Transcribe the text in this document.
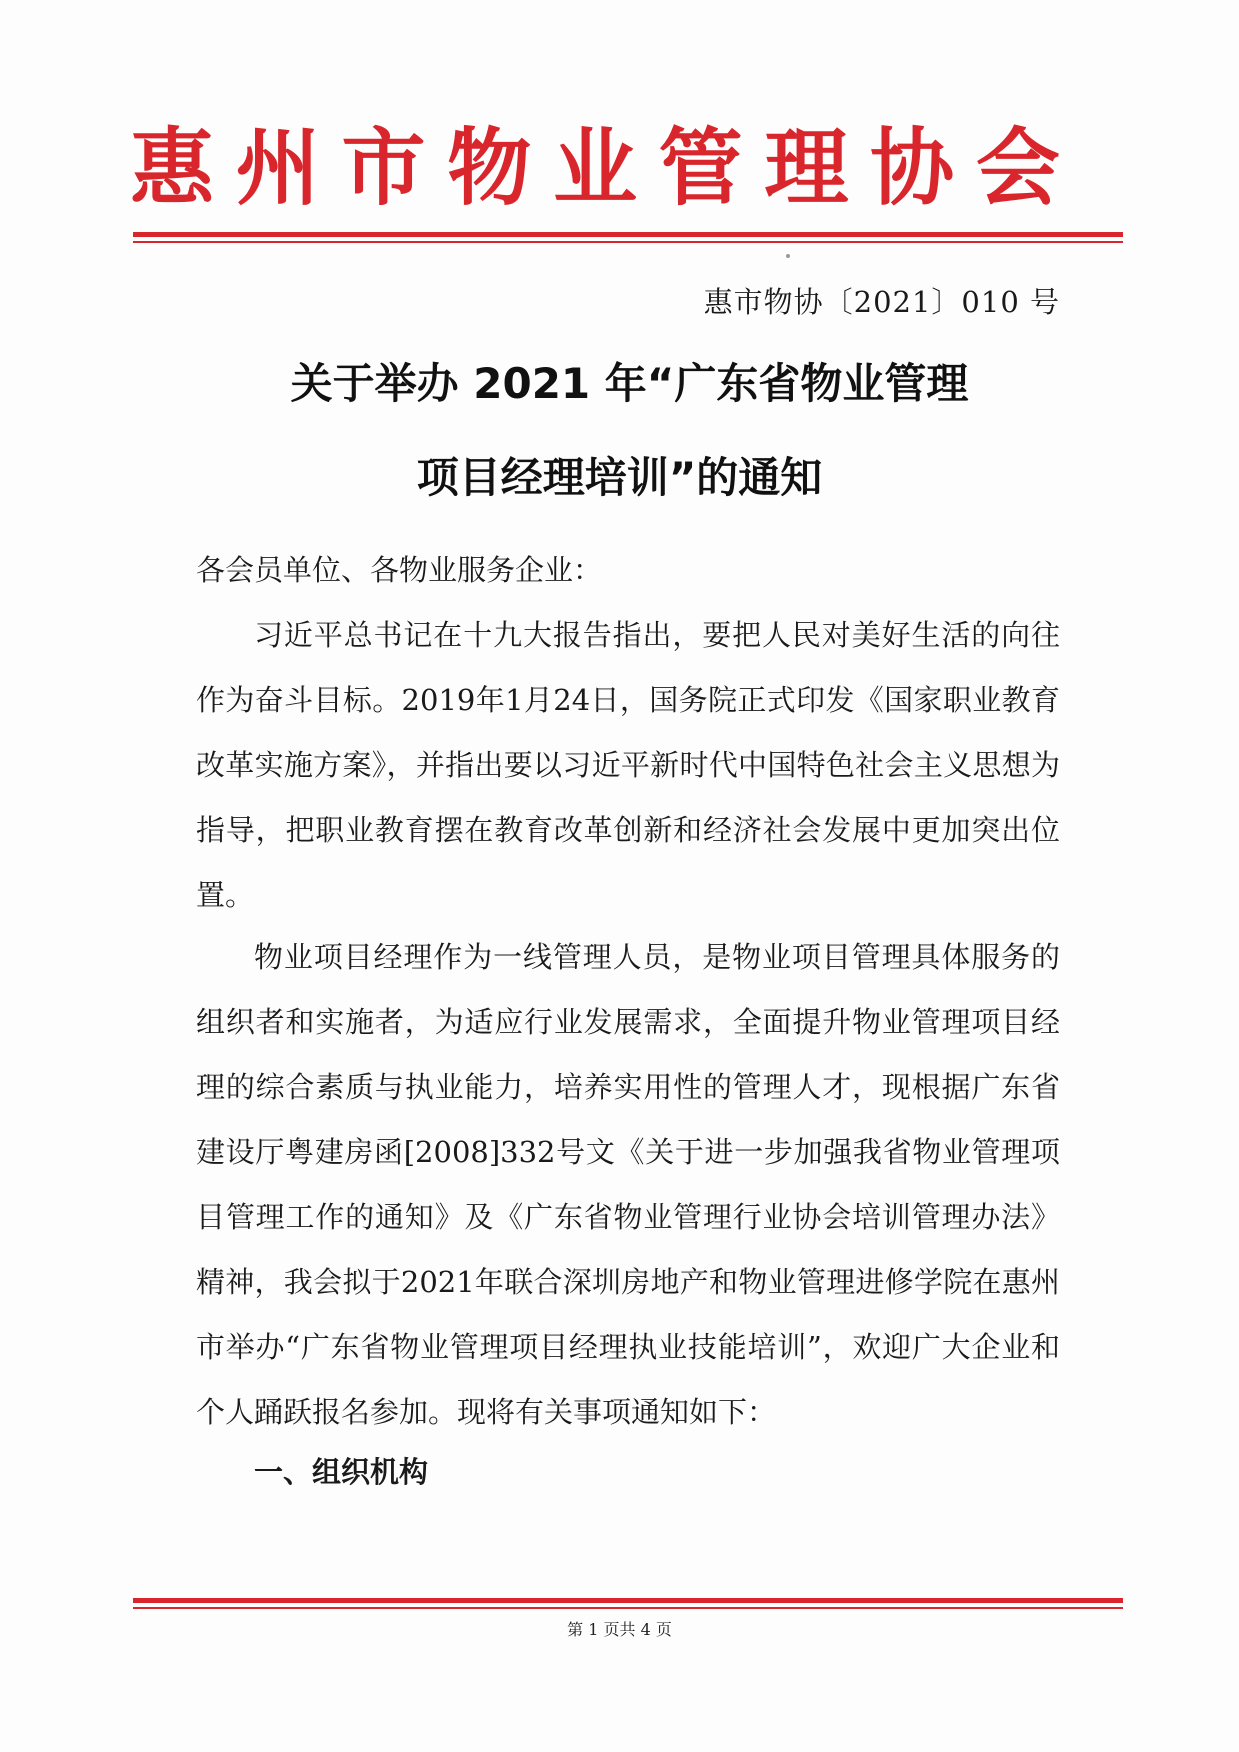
惠 州 市 物 业 管 理 协 会
惠市物协〔2021〕010 号
关于举办 2021 年“广东省物业管理
项目经理培训”的通知
各会员单位、各物业服务企业：

习近平总书记在十九大报告指出，要把人民对美好生活的向往作为奋斗目标。2019年1月24日，国务院正式印发《国家职业教育改革实施方案》，并指出要以习近平新时代中国特色社会主义思想为指导，把职业教育摆在教育改革创新和经济社会发展中更加突出位置。

物业项目经理作为一线管理人员，是物业项目管理具体服务的组织者和实施者，为适应行业发展需求，全面提升物业管理项目经理的综合素质与执业能力，培养实用性的管理人才，现根据广东省建设厅粤建房函[2008]332号文《关于进一步加强我省物业管理项目管理工作的通知》及《广东省物业管理行业协会培训管理办法》精神，我会拟于2021年联合深圳房地产和物业管理进修学院在惠州市举办“广东省物业管理项目经理执业技能培训”，欢迎广大企业和个人踊跃报名参加。现将有关事项通知如下：

一、组织机构
第 1 页共 4 页
